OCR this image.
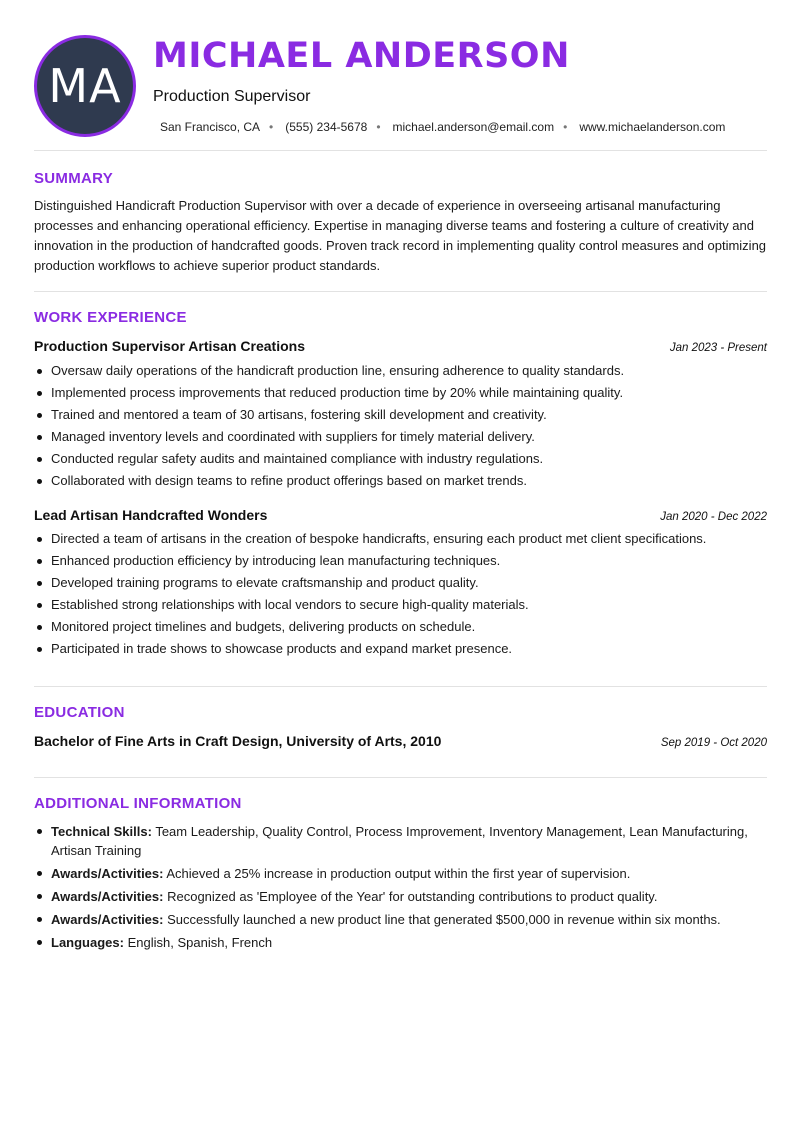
MA
MICHAEL ANDERSON
Production Supervisor
San Francisco, CA • (555) 234-5678 • michael.anderson@email.com • www.michaelanderson.com
SUMMARY

Distinguished Handicraft Production Supervisor with over a decade of experience in overseeing artisanal manufacturing processes and enhancing operational efficiency. Expertise in managing diverse teams and fostering a culture of creativity and innovation in the production of handcrafted goods. Proven track record in implementing quality control measures and optimizing production workflows to achieve superior product standards.

WORK EXPERIENCE
Production Supervisor Artisan Creations	Jan 2023 - Present
Oversaw daily operations of the handicraft production line, ensuring adherence to quality standards.
Implemented process improvements that reduced production time by 20% while maintaining quality.
Trained and mentored a team of 30 artisans, fostering skill development and creativity.
Managed inventory levels and coordinated with suppliers for timely material delivery.
Conducted regular safety audits and maintained compliance with industry regulations.
Collaborated with design teams to refine product offerings based on market trends.
Lead Artisan Handcrafted Wonders	Jan 2020 - Dec 2022
Directed a team of artisans in the creation of bespoke handicrafts, ensuring each product met client specifications.
Enhanced production efficiency by introducing lean manufacturing techniques.
Developed training programs to elevate craftsmanship and product quality.
Established strong relationships with local vendors to secure high-quality materials.
Monitored project timelines and budgets, delivering products on schedule.
Participated in trade shows to showcase products and expand market presence.
EDUCATION
Bachelor of Fine Arts in Craft Design, University of Arts, 2010	Sep 2019 - Oct 2020
ADDITIONAL INFORMATION
Technical Skills: Team Leadership, Quality Control, Process Improvement, Inventory Management, Lean Manufacturing, Artisan Training
Awards/Activities: Achieved a 25% increase in production output within the first year of supervision.
Awards/Activities: Recognized as 'Employee of the Year' for outstanding contributions to product quality.
Awards/Activities: Successfully launched a new product line that generated $500,000 in revenue within six months.
Languages: English, Spanish, French
